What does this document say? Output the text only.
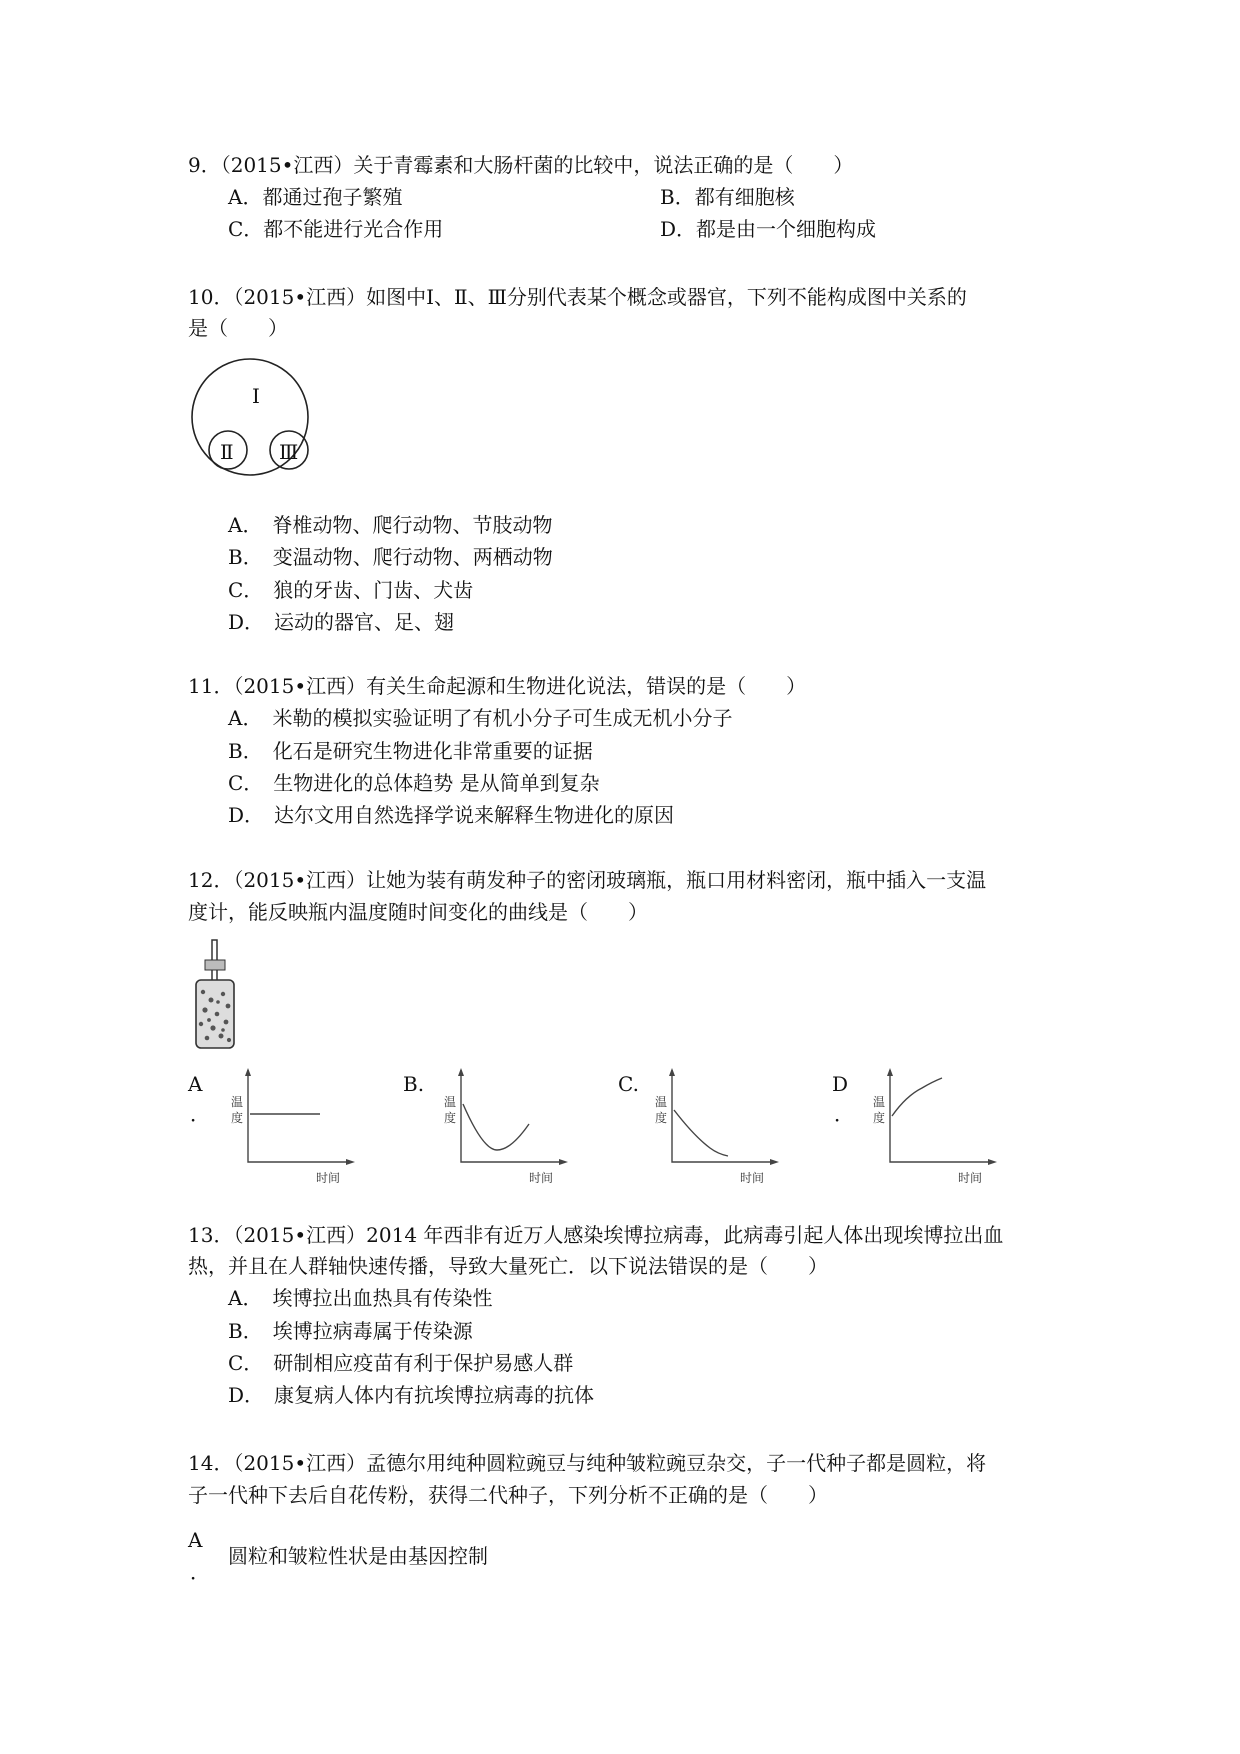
9．（2015•江西）关于青霉素和大肠杆菌的比较中，说法正确的是（　　）
A．都通过孢子繁殖	B．都有细胞核
C．都不能进行光合作用	D．都是由一个细胞构成
10．（2015•江西）如图中Ⅰ、Ⅱ、Ⅲ分别代表某个概念或器官，下列不能构成图中关系的
是（　　）
Ⅰ
Ⅱ Ⅲ
A．　脊椎动物、爬行动物、节肢动物
B．　变温动物、爬行动物、两栖动物
C．　狼的牙齿、门齿、犬齿
D．　运动的器官、足、翅
11．（2015•江西）有关生命起源和生物进化说法，错误的是（　　）
A．　米勒的模拟实验证明了有机小分子可生成无机小分子
B．　化石是研究生物进化非常重要的证据
C．　生物进化的总体趋势 是从简单到复杂
D．　达尔文用自然选择学说来解释生物进化的原因
12．（2015•江西）让她为装有萌发种子的密闭玻璃瓶，瓶口用材料密闭，瓶中插入一支温
度计，能反映瓶内温度随时间变化的曲线是（　　）
A
． 温
度
时间
B.
温
度
时间
C.
温
度
时间
D
． 温
度
时间
13．（2015•江西）2014 年西非有近万人感染埃博拉病毒，此病毒引起人体出现埃博拉出血
热，并且在人群轴快速传播，导致大量死亡．以下说法错误的是（　　）
A．　埃博拉出血热具有传染性
B．　埃博拉病毒属于传染源
C．　研制相应疫苗有利于保护易感人群
D．　康复病人体内有抗埃博拉病毒的抗体
14．（2015•江西）孟德尔用纯种圆粒豌豆与纯种皱粒豌豆杂交，子一代种子都是圆粒，将
子一代种下去后自花传粉，获得二代种子，下列分析不正确的是（　　）
A
．
圆粒和皱粒性状是由基因控制
